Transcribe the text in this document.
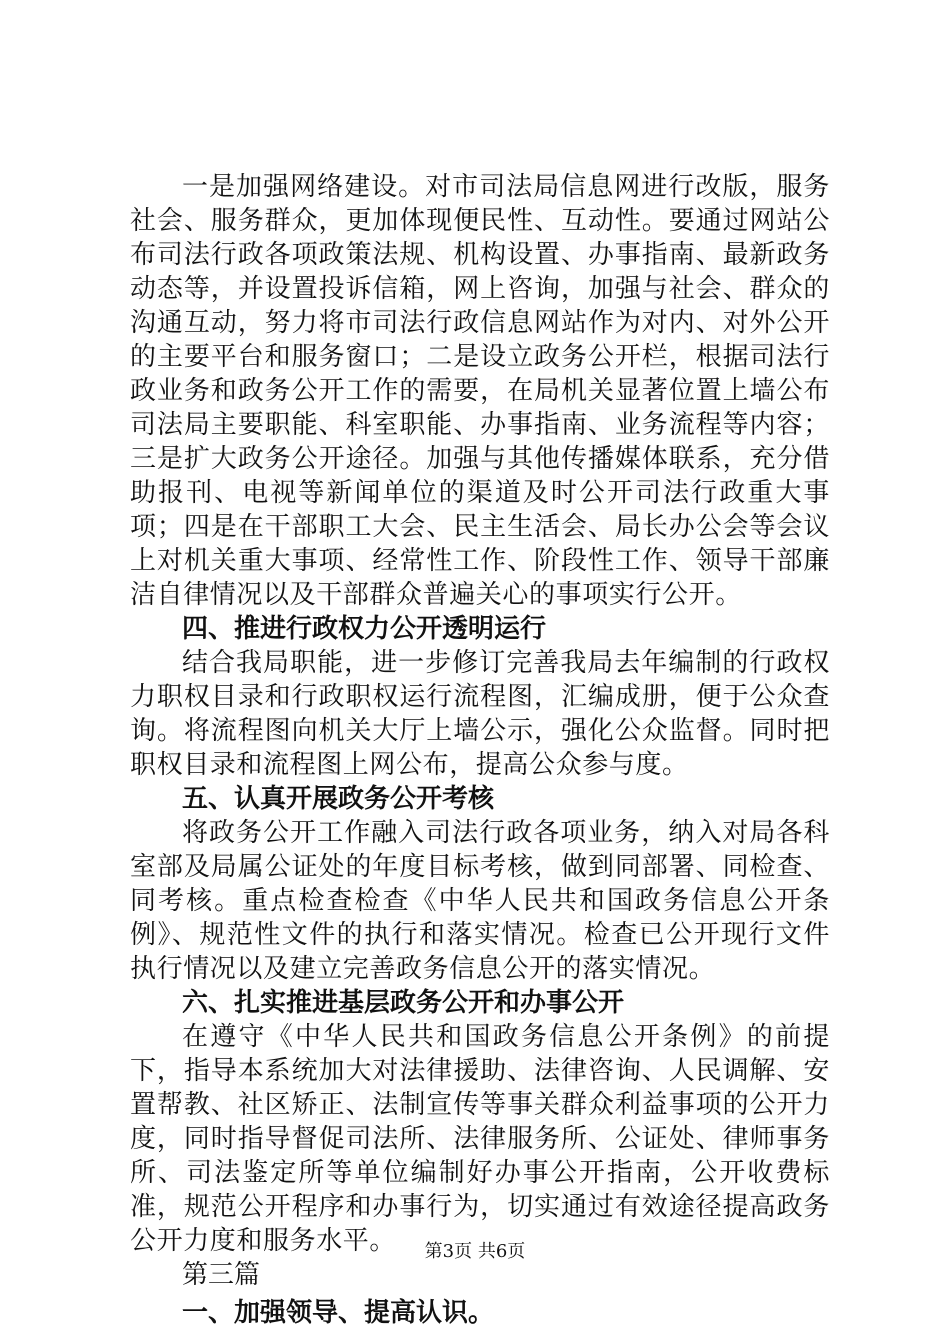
一是加强网络建设。对市司法局信息网进行改版，服务社会、服务群众，更加体现便民性、互动性。要通过网站公布司法行政各项政策法规、机构设置、办事指南、最新政务动态等，并设置投诉信箱，网上咨询，加强与社会、群众的沟通互动，努力将市司法行政信息网站作为对内、对外公开的主要平台和服务窗口；二是设立政务公开栏，根据司法行政业务和政务公开工作的需要，在局机关显著位置上墙公布司法局主要职能、科室职能、办事指南、业务流程等内容；三是扩大政务公开途径。加强与其他传播媒体联系，充分借助报刊、电视等新闻单位的渠道及时公开司法行政重大事项；四是在干部职工大会、民主生活会、局长办公会等会议上对机关重大事项、经常性工作、阶段性工作、领导干部廉洁自律情况以及干部群众普遍关心的事项实行公开。

四、推进行政权力公开透明运行

结合我局职能，进一步修订完善我局去年编制的行政权力职权目录和行政职权运行流程图，汇编成册，便于公众查询。将流程图向机关大厅上墙公示，强化公众监督。同时把职权目录和流程图上网公布，提高公众参与度。

五、认真开展政务公开考核

将政务公开工作融入司法行政各项业务，纳入对局各科室部及局属公证处的年度目标考核，做到同部署、同检查、同考核。重点检查检查《中华人民共和国政务信息公开条例》、规范性文件的执行和落实情况。检查已公开现行文件执行情况以及建立完善政务信息公开的落实情况。

六、扎实推进基层政务公开和办事公开

在遵守《中华人民共和国政务信息公开条例》的前提下，指导本系统加大对法律援助、法律咨询、人民调解、安置帮教、社区矫正、法制宣传等事关群众利益事项的公开力度，同时指导督促司法所、法律服务所、公证处、律师事务所、司法鉴定所等单位编制好办事公开指南，公开收费标准，规范公开程序和办事行为，切实通过有效途径提高政务公开力度和服务水平。

第三篇

一、加强领导、提高认识。

第3页 共6页
